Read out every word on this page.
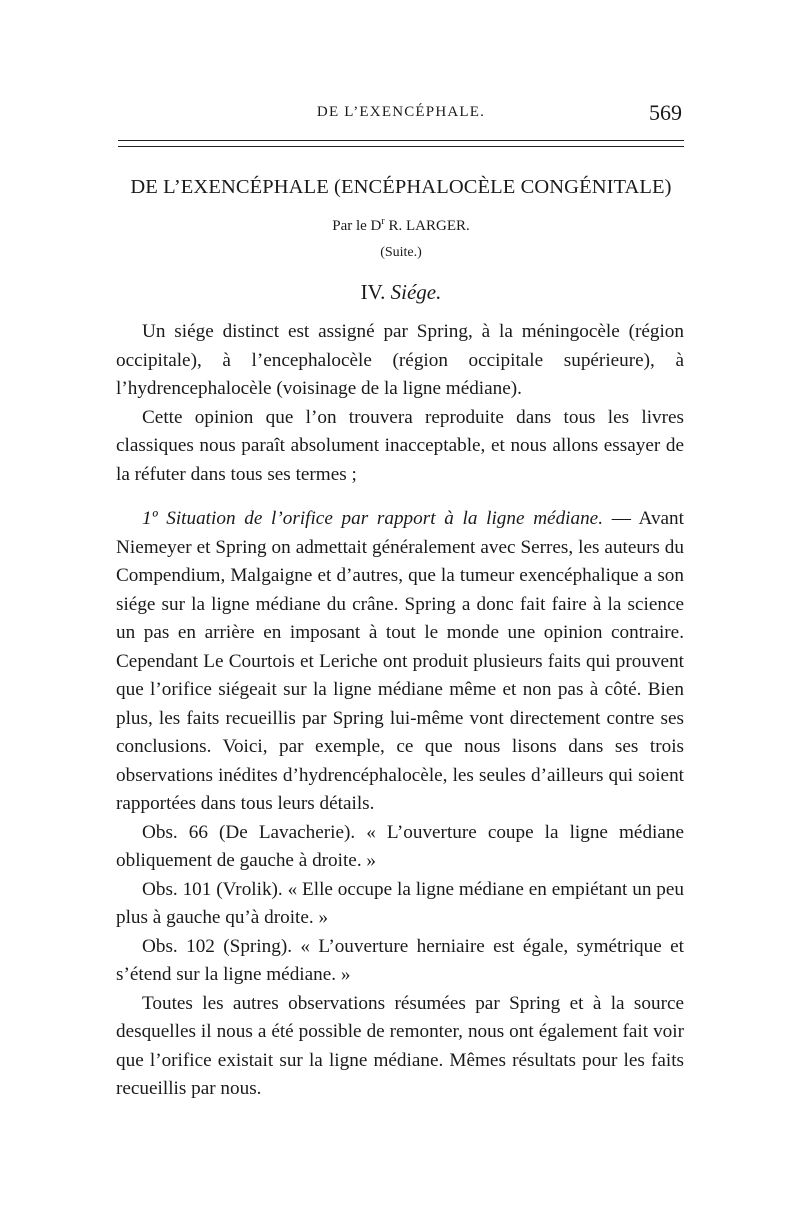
DE L’EXENCÉPHALE.	569
DE L’EXENCÉPHALE (ENCÉPHALOCÈLE CONGÉNITALE)
Par le $D^r$ R. LARGER.
(Suite.)
IV. Siége.

Un siége distinct est assigné par Spring, à la méningocèle (région occipitale), à l’encephalocèle (région occipitale supérieure), à l’hydrencephalocèle (voisinage de la ligne médiane).

Cette opinion que l’on trouvera reproduite dans tous les livres classiques nous paraît absolument inacceptable, et nous allons essayer de la réfuter dans tous ses termes ;

1º Situation de l’orifice par rapport à la ligne médiane. — Avant Niemeyer et Spring on admettait généralement avec Serres, les auteurs du Compendium, Malgaigne et d’autres, que la tumeur exencéphalique a son siége sur la ligne médiane du crâne. Spring a donc fait faire à la science un pas en arrière en imposant à tout le monde une opinion contraire. Cependant Le Courtois et Leriche ont produit plusieurs faits qui prouvent que l’orifice siégeait sur la ligne médiane même et non pas à côté. Bien plus, les faits recueillis par Spring lui-même vont directement contre ses conclusions. Voici, par exemple, ce que nous lisons dans ses trois observations inédites d’hydrencéphalocèle, les seules d’ailleurs qui soient rapportées dans tous leurs détails.

Obs. 66 (De Lavacherie). « L’ouverture coupe la ligne médiane obliquement de gauche à droite. »

Obs. 101 (Vrolik). « Elle occupe la ligne médiane en empiétant un peu plus à gauche qu’à droite. »

Obs. 102 (Spring). « L’ouverture herniaire est égale, symétrique et s’étend sur la ligne médiane. »

Toutes les autres observations résumées par Spring et à la source desquelles il nous a été possible de remonter, nous ont également fait voir que l’orifice existait sur la ligne médiane. Mêmes résultats pour les faits recueillis par nous.
